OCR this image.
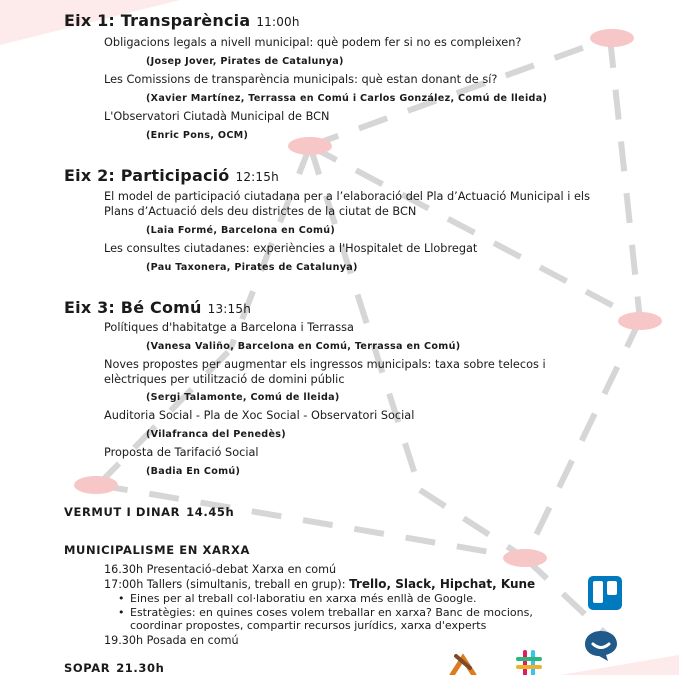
Eix 1: Transparència 11:00h
Obligacions legals a nivell municipal: què podem fer si no es compleixen?
(Josep Jover, Pirates de Catalunya)
Les Comissions de transparència municipals: què estan donant de sí?
(Xavier Martínez, Terrassa en Comú i Carlos González, Comú de lleida)
L'Observatori Ciutadà Municipal de BCN
(Enric Pons, OCM)
Eix 2: Participació 12:15h
El model de participació ciutadana per a l’elaboració del Pla d’Actuació Municipal i els Plans d’Actuació dels deu districtes de la ciutat de BCN
(Laia Formé, Barcelona en Comú)
Les consultes ciutadanes: experiències a l'Hospitalet de Llobregat
(Pau Taxonera, Pirates de Catalunya)
Eix 3: Bé Comú 13:15h
Polítiques d'habitatge a Barcelona i Terrassa
(Vanesa Valiño, Barcelona en Comú, Terrassa en Comú)
Noves propostes per augmentar els ingressos municipals: taxa sobre telecos i elèctriques per utilització de domini públic
(Sergi Talamonte, Comú de lleida)
Auditoria Social - Pla de Xoc Social - Observatori Social
(Vilafranca del Penedès)
Proposta de Tarifació Social
(Badia En Comú)
VERMUT I DINAR 14.45h
MUNICIPALISME EN XARXA
16.30h Presentació-debat Xarxa en comú
17:00h Tallers (simultanis, treball en grup): Trello, Slack, Hipchat, Kune
• Eines per al treball col·laboratiu en xarxa més enllà de Google.
• Estratègies: en quines coses volem treballar en xarxa? Banc de mocions, coordinar propostes, compartir recursos jurídics, xarxa d'experts
19.30h Posada en comú
SOPAR 21.30h
